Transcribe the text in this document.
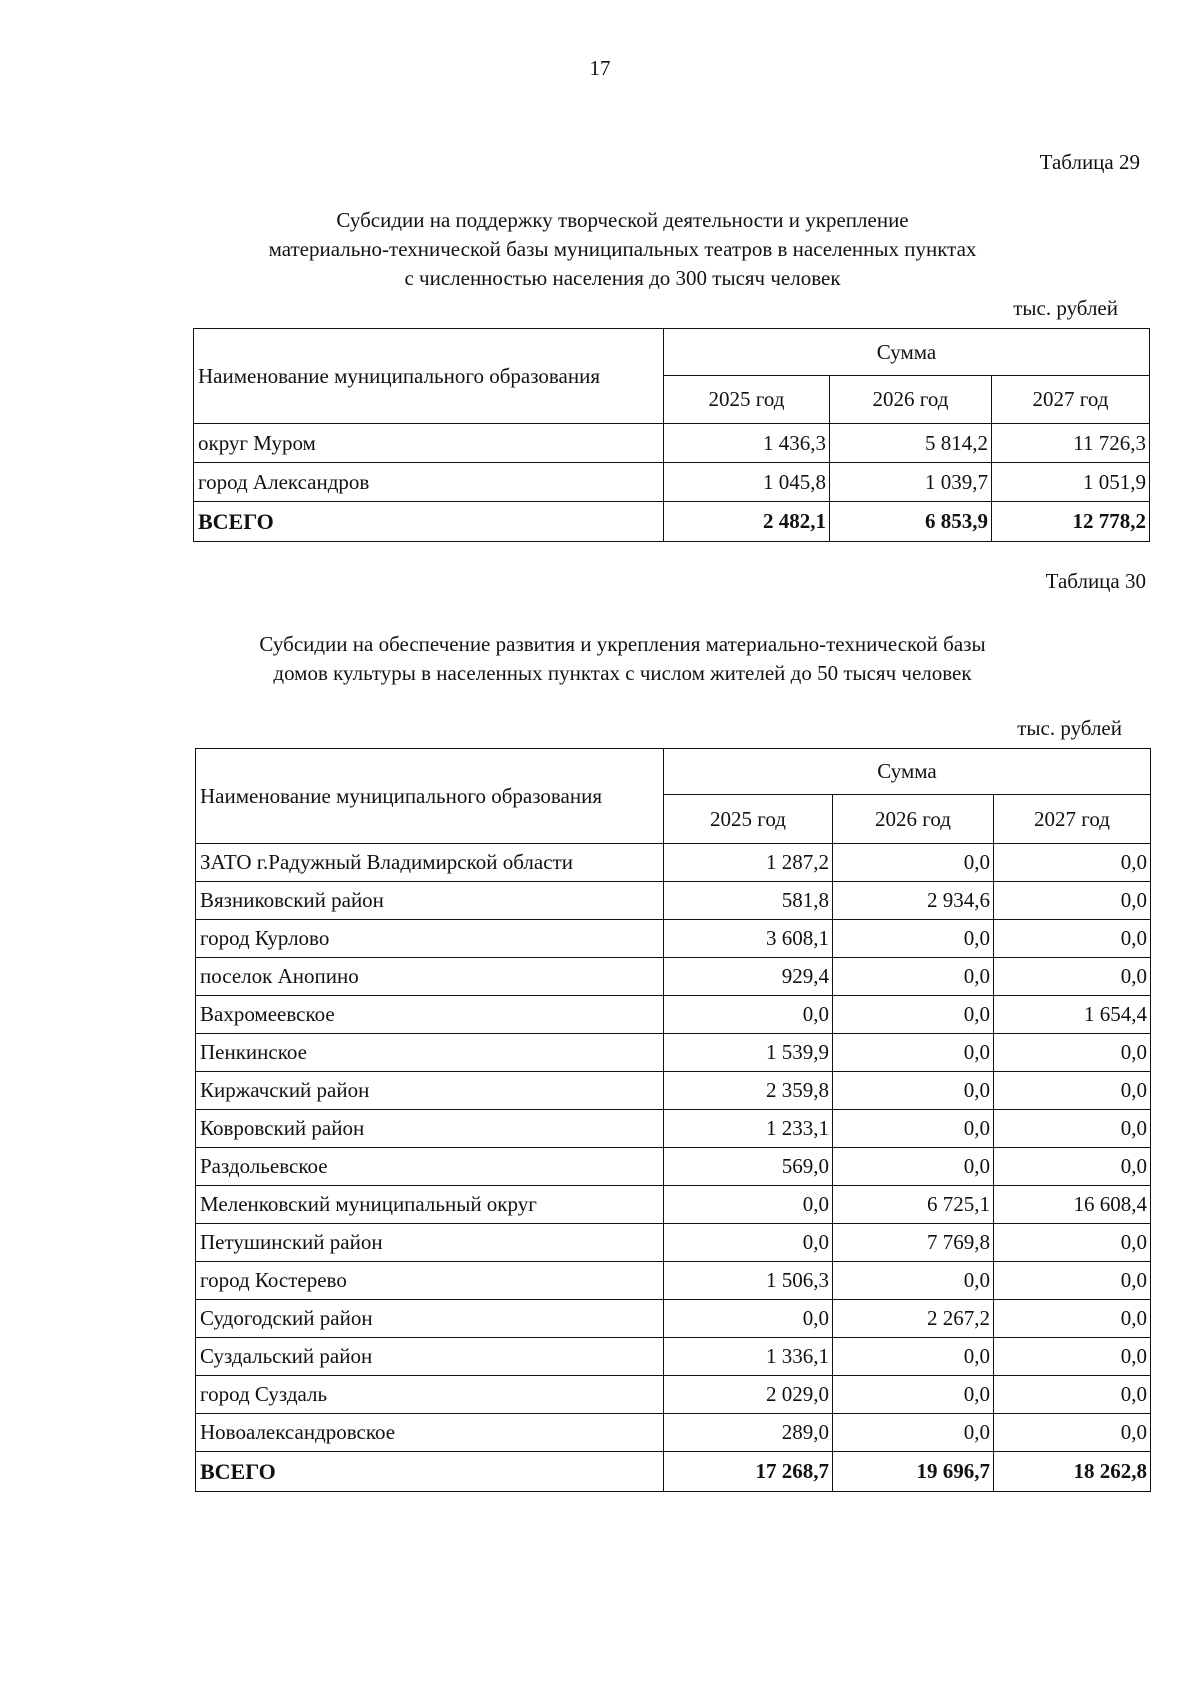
17
Таблица 29
Субсидии на поддержку творческой деятельности и укрепление
материально-технической базы муниципальных театров в населенных пунктах
с численностью населения до 300 тысяч человек
тыс. рублей
Наименование муниципального образования	Сумма		
	2025 год	2026 год	2027 год
округ Муром	1 436,3	5 814,2	11 726,3
город Александров	1 045,8	1 039,7	1 051,9
ВСЕГО	2 482,1	6 853,9	12 778,2
Таблица 30
Субсидии на обеспечение развития и укрепления материально-технической базы
домов культуры в населенных пунктах с числом жителей до 50 тысяч человек
тыс. рублей
Наименование муниципального образования	Сумма		
	2025 год	2026 год	2027 год
ЗАТО г.Радужный Владимирской области	1 287,2	0,0	0,0
Вязниковский район	581,8	2 934,6	0,0
город Курлово	3 608,1	0,0	0,0
поселок Анопино	929,4	0,0	0,0
Вахромеевское	0,0	0,0	1 654,4
Пенкинское	1 539,9	0,0	0,0
Киржачский район	2 359,8	0,0	0,0
Ковровский район	1 233,1	0,0	0,0
Раздольевское	569,0	0,0	0,0
Меленковский муниципальный округ	0,0	6 725,1	16 608,4
Петушинский район	0,0	7 769,8	0,0
город Костерево	1 506,3	0,0	0,0
Судогодский район	0,0	2 267,2	0,0
Суздальский район	1 336,1	0,0	0,0
город Суздаль	2 029,0	0,0	0,0
Новоалександровское	289,0	0,0	0,0
ВСЕГО	17 268,7	19 696,7	18 262,8
